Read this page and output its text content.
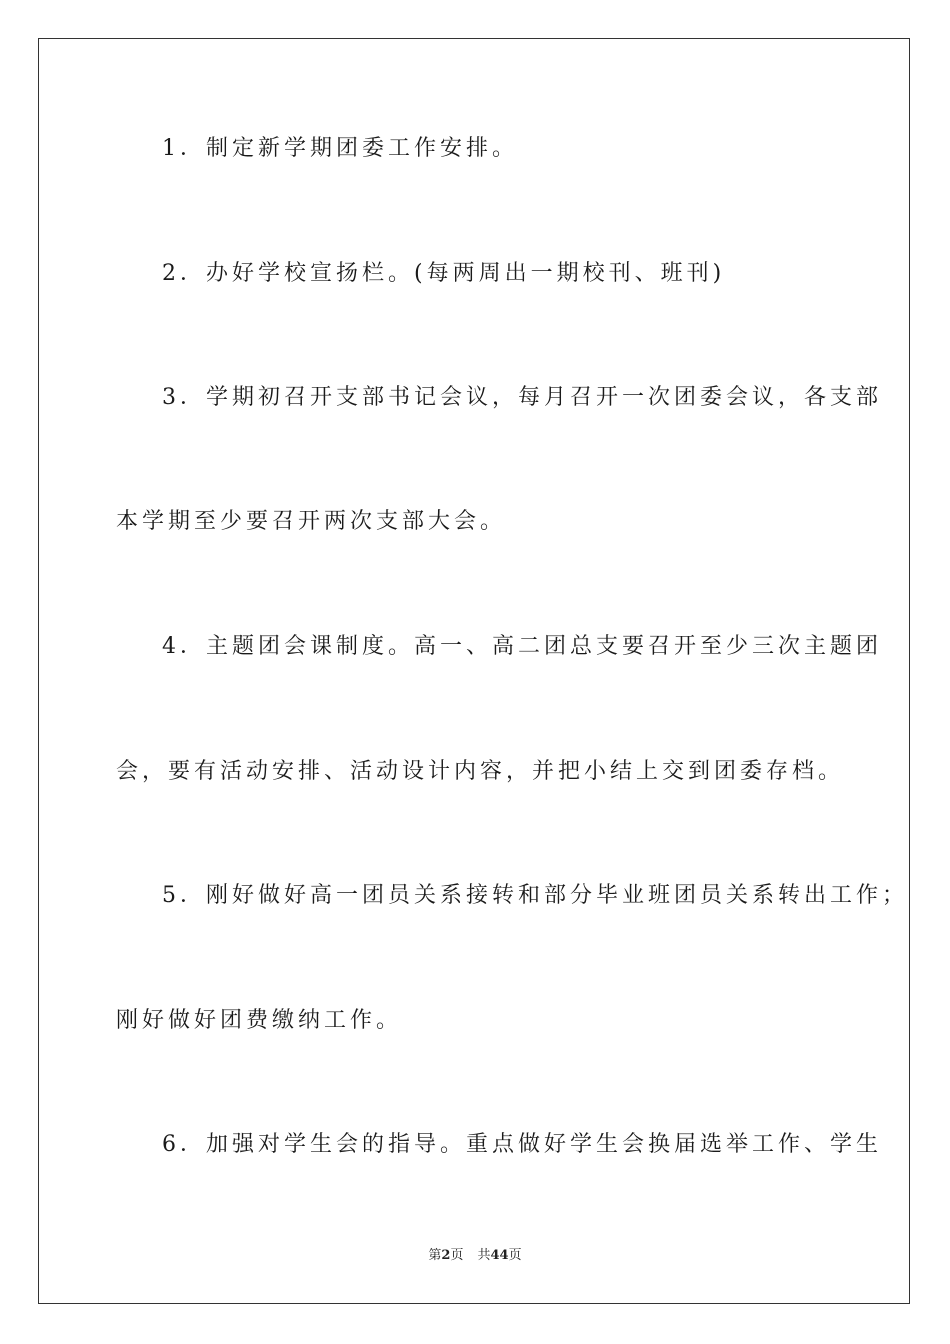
1．制定新学期团委工作安排。
2．办好学校宣扬栏。(每两周出一期校刊、班刊)
3．学期初召开支部书记会议，每月召开一次团委会议，各支部
本学期至少要召开两次支部大会。
4．主题团会课制度。高一、高二团总支要召开至少三次主题团
会，要有活动安排、活动设计内容，并把小结上交到团委存档。
5．刚好做好高一团员关系接转和部分毕业班团员关系转出工作；
刚好做好团费缴纳工作。
6．加强对学生会的指导。重点做好学生会换届选举工作、学生
第2页 共44页
